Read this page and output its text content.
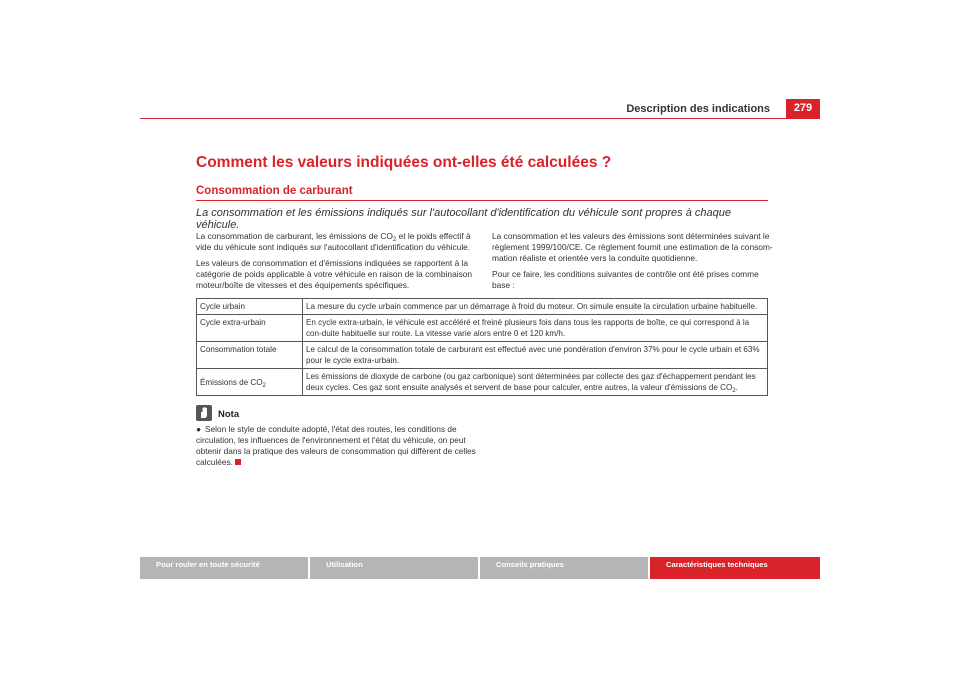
Description des indications	279
Comment les valeurs indiquées ont-elles été calculées ?
Consommation de carburant
La consommation et les émissions indiqués sur l'autocollant d'identification du véhicule sont propres à chaque véhicule.

La consommation de carburant, les émissions de $CO_2$ et le poids effectif à vide du véhicule sont indiqués sur l'autocollant d'identification du véhicule.

Les valeurs de consommation et d'émissions indiquées se rapportent à la catégorie de poids applicable à votre véhicule en raison de la combinaison moteur/boîte de vitesses et des équipements spécifiques.

La consommation et les valeurs des émissions sont déterminées suivant le règlement 1999/100/CE. Ce règlement fournit une estimation de la consom-mation réaliste et orientée vers la conduite quotidienne.

Pour ce faire, les conditions suivantes de contrôle ont été prises comme base :

Cycle urbain	La mesure du cycle urbain commence par un démarrage à froid du moteur. On simule ensuite la circulation urbaine habituelle.
Cycle extra-urbain	En cycle extra-urbain, le véhicule est accéléré et freiné plusieurs fois dans tous les rapports de boîte, ce qui correspond à la con-duite habituelle sur route. La vitesse varie alors entre 0 et 120 km/h.
Consommation totale	Le calcul de la consommation totale de carburant est effectué avec une pondération d'environ 37% pour le cycle urbain et 63% pour le cycle extra-urbain.
Émissions de $CO_2$	Les émissions de dioxyde de carbone (ou gaz carbonique) sont déterminées par collecte des gaz d'échappement pendant les deux cycles. Ces gaz sont ensuite analysés et servent de base pour calculer, entre autres, la valeur d'émissions de $CO_2$.
Nota
● Selon le style de conduite adopté, l'état des routes, les conditions de circulation, les influences de l'environnement et l'état du véhicule, on peut obtenir dans la pratique des valeurs de consommation qui diffèrent de celles calculées.
Pour rouler en toute sécurité	Utilisation	Conseils pratiques	Caractéristiques techniques
